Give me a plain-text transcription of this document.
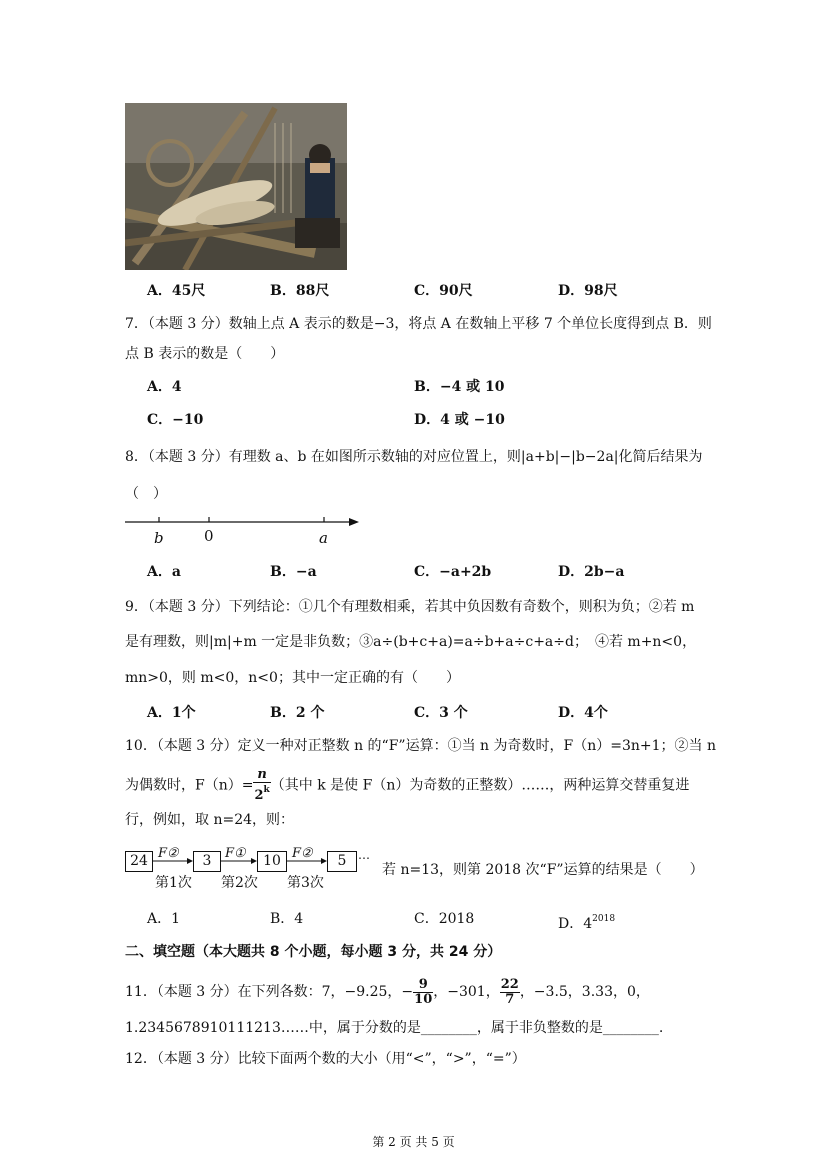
A．45尺	B．88尺	C．90尺	D．98尺
7．（本题 3 分）数轴上点 A 表示的数是−3，将点 A 在数轴上平移 7 个单位长度得到点 B．则
点 B 表示的数是（　　）
A．4	B．−4 或 10
C．−10	D．4 或 −10
8．（本题 3 分）有理数 a、b 在如图所示数轴的对应位置上，则|a+b|−|b−2a|化简后结果为
（　）
b	0	a
A．a	B．−a	C．−a+2b	D．2b−a
9．（本题 3 分）下列结论：①几个有理数相乘，若其中负因数有奇数个，则积为负；②若 m
是有理数，则|m|+m 一定是非负数；③a÷(b+c+a)=a÷b+a÷c+a÷d；　④若 m+n<0，
mn>0，则 m<0，n<0；其中一定正确的有（　　）
A．1个	B．2 个	C．3 个	D．4个
10．（本题 3 分）定义一种对正整数 n 的“F”运算：①当 n 为奇数时，F（n）=3n+1；②当 n
为偶数时，$F(n)= \frac{n}{2^k}$ （其中 k 是使 F（n）为奇数的正整数）……，两种运算交替重复进
行，例如，取 n=24，则：
24	3	10	5
F②	F①	F②
第1次 第2次 第3次
…
若 n=13，则第 2018 次“F”运算的结果是（　　）
A．1	B．4	C．2018	D．$4^{2018}$
二、填空题（本大题共 8 个小题，每小题 3 分，共 24 分）
11．（本题 3 分）在下列各数：7，−9.25，− $\frac{9}{10}$ ，−301， $\frac{22}{7}$ ，−3.5，3.33，0，
1.2345678910111213……中，属于分数的是________，属于非负整数的是________.
12．（本题 3 分）比较下面两个数的大小（用“<”，“>”，“=”）
第 2 页 共 5 页
